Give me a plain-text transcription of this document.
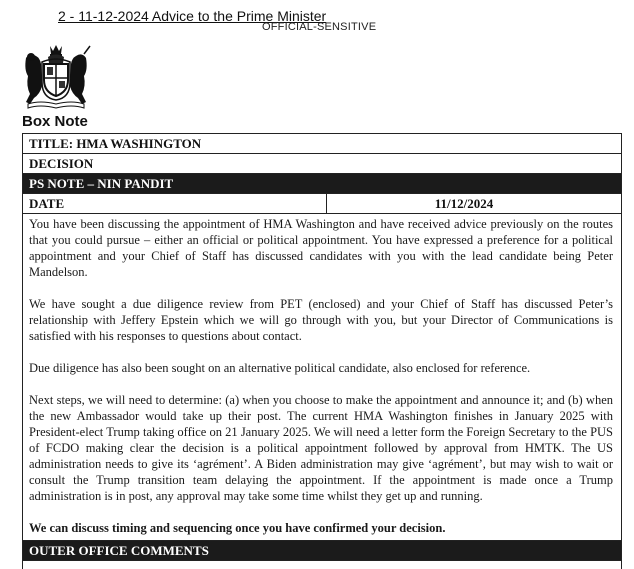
2 - 11-12-2024 Advice to the Prime Minister
OFFICIAL-SENSITIVE
Box Note
TITLE: HMA WASHINGTON
DECISION
PS NOTE – NIN PANDIT
DATE	11/12/2024

You have been discussing the appointment of HMA Washington and have received advice previously on the routes that you could pursue – either an official or political appointment. You have expressed a preference for a political appointment and your Chief of Staff has discussed candidates with you with the lead candidate being Peter Mandelson.

We have sought a due diligence review from PET (enclosed) and your Chief of Staff has discussed Peter’s relationship with Jeffery Epstein which we will go through with you, but your Director of Communications is satisfied with his responses to questions about contact.

Due diligence has also been sought on an alternative political candidate, also enclosed for reference.

Next steps, we will need to determine: (a) when you choose to make the appointment and announce it; and (b) when the new Ambassador would take up their post. The current HMA Washington finishes in January 2025 with President-elect Trump taking office on 21 January 2025. We will need a letter form the Foreign Secretary to the PUS of FCDO making clear the decision is a political appointment followed by approval from HMTK. The US administration needs to give its ‘agrément’. A Biden administration may give ‘agrément’, but may wish to wait or consult the Trump transition team delaying the appointment. If the appointment is made once a Trump administration is in post, any approval may take some time whilst they get up and running.

We can discuss timing and sequencing once you have confirmed your decision.

OUTER OFFICE COMMENTS
